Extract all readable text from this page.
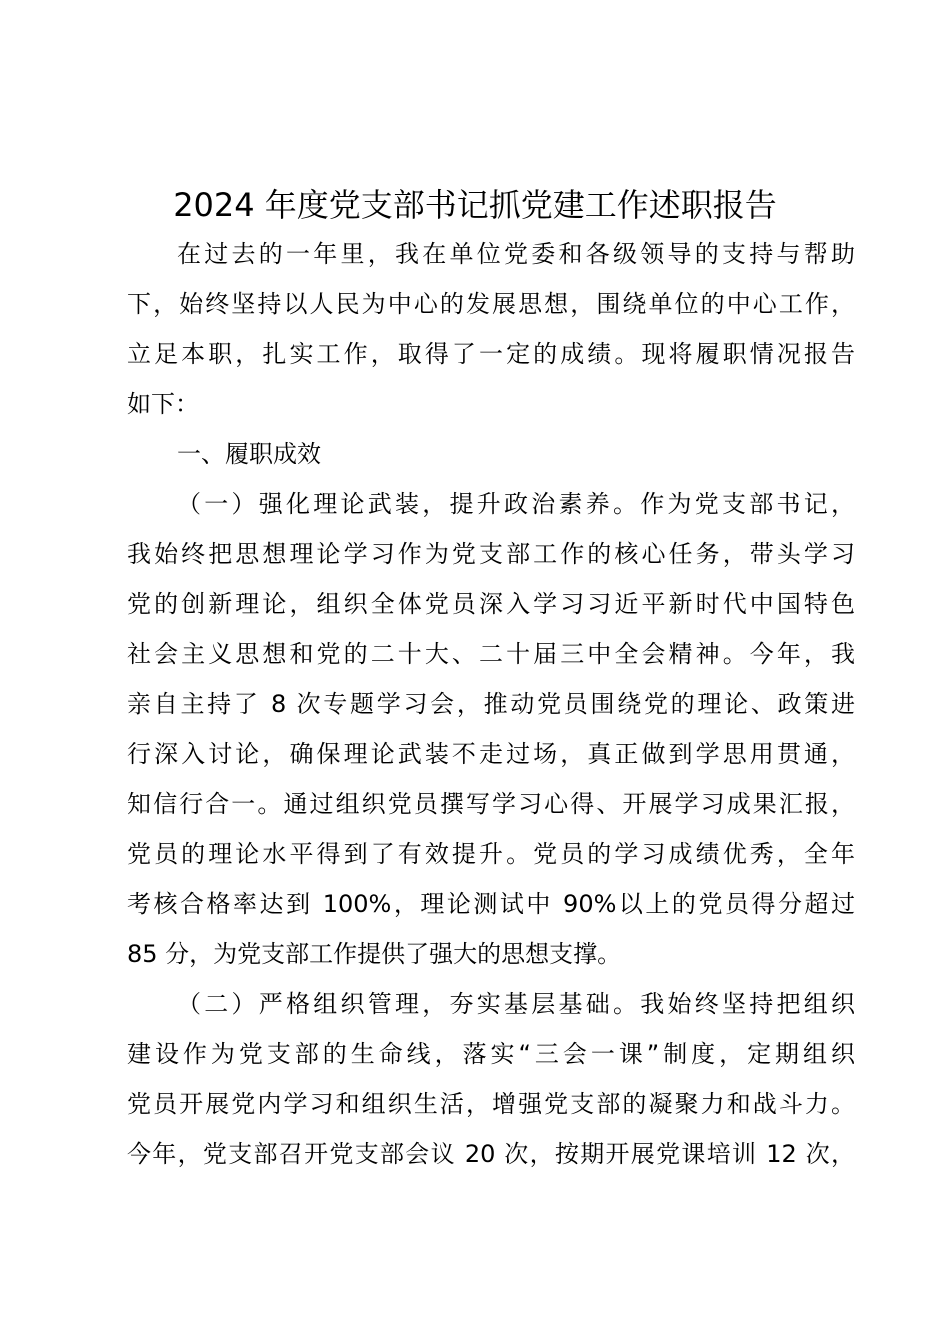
2024 年度党支部书记抓党建工作述职报告
在过去的一年里，我在单位党委和各级领导的支持与帮助
下，始终坚持以人民为中心的发展思想，围绕单位的中心工作，
立足本职，扎实工作，取得了一定的成绩。现将履职情况报告
如下：
一、履职成效
（一）强化理论武装，提升政治素养。作为党支部书记，
我始终把思想理论学习作为党支部工作的核心任务，带头学习
党的创新理论，组织全体党员深入学习习近平新时代中国特色
社会主义思想和党的二十大、二十届三中全会精神。今年，我
亲自主持了 8 次专题学习会，推动党员围绕党的理论、政策进
行深入讨论，确保理论武装不走过场，真正做到学思用贯通，
知信行合一。通过组织党员撰写学习心得、开展学习成果汇报，
党员的理论水平得到了有效提升。党员的学习成绩优秀，全年
考核合格率达到 100%，理论测试中 90%以上的党员得分超过
85 分，为党支部工作提供了强大的思想支撑。
（二）严格组织管理，夯实基层基础。我始终坚持把组织
建设作为党支部的生命线，落实“三会一课”制度，定期组织
党员开展党内学习和组织生活，增强党支部的凝聚力和战斗力。
今年，党支部召开党支部会议 20 次，按期开展党课培训 12 次，
